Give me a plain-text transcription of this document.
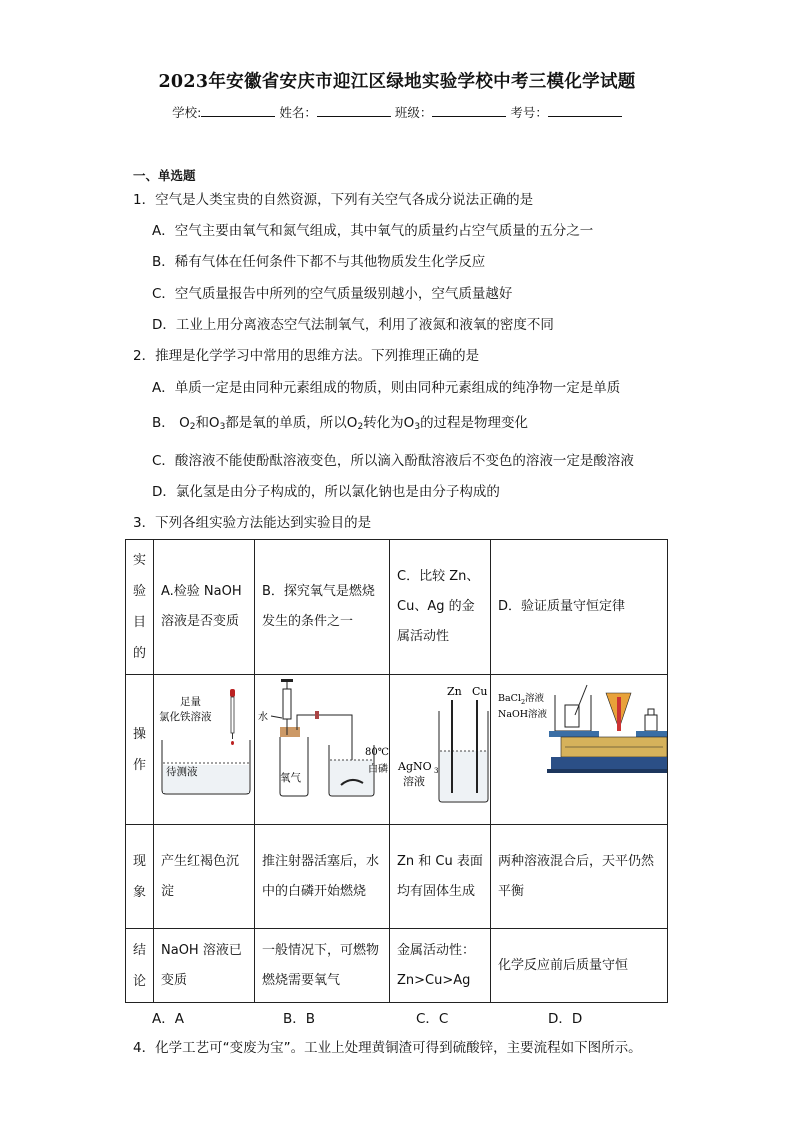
2023年安徽省安庆市迎江区绿地实验学校中考三模化学试题
学校:	姓名：	班级：	考号：
一、单选题
1．空气是人类宝贵的自然资源，下列有关空气各成分说法正确的是
A．空气主要由氧气和氮气组成，其中氧气的质量约占空气质量的五分之一
B．稀有气体在任何条件下都不与其他物质发生化学反应
C．空气质量报告中所列的空气质量级别越小，空气质量越好
D．工业上用分离液态空气法制氧气，利用了液氮和液氧的密度不同
2．推理是化学学习中常用的思维方法。下列推理正确的是
A．单质一定是由同种元素组成的物质，则由同种元素组成的纯净物一定是单质
B． $O_2$和$O_3$都是氧的单质，所以$O_2$转化为$O_3$的过程是物理变化
C．酸溶液不能使酚酞溶液变色，所以滴入酚酞溶液后不变色的溶液一定是酸溶液
D．氯化氢是由分子构成的，所以氯化钠也是由分子构成的
3．下列各组实验方法能达到实验目的是
实验目的	A.检验 NaOH 溶液是否变质	B．探究氧气是燃烧发生的条件之一	C．比较 Zn、Cu、Ag 的金属活动性	D．验证质量守恒定律

操作	足量
氯化铁溶液
待测液	水
氧气
80℃
白磷	Zn Cu
AgNO 3
溶液	BaCl 2 溶液
NaOH溶液

现象	产生红褐色沉淀	推注射器活塞后，水中的白磷开始燃烧	Zn 和 Cu 表面均有固体生成	两种溶液混合后，天平仍然平衡

结论	NaOH 溶液已变质	一般情况下，可燃物燃烧需要氧气	金属活动性：Zn>Cu>Ag	化学反应前后质量守恒
A．A	B．B	C．C	D．D
4．化学工艺可“变废为宝”。工业上处理黄铜渣可得到硫酸锌，主要流程如下图所示。
